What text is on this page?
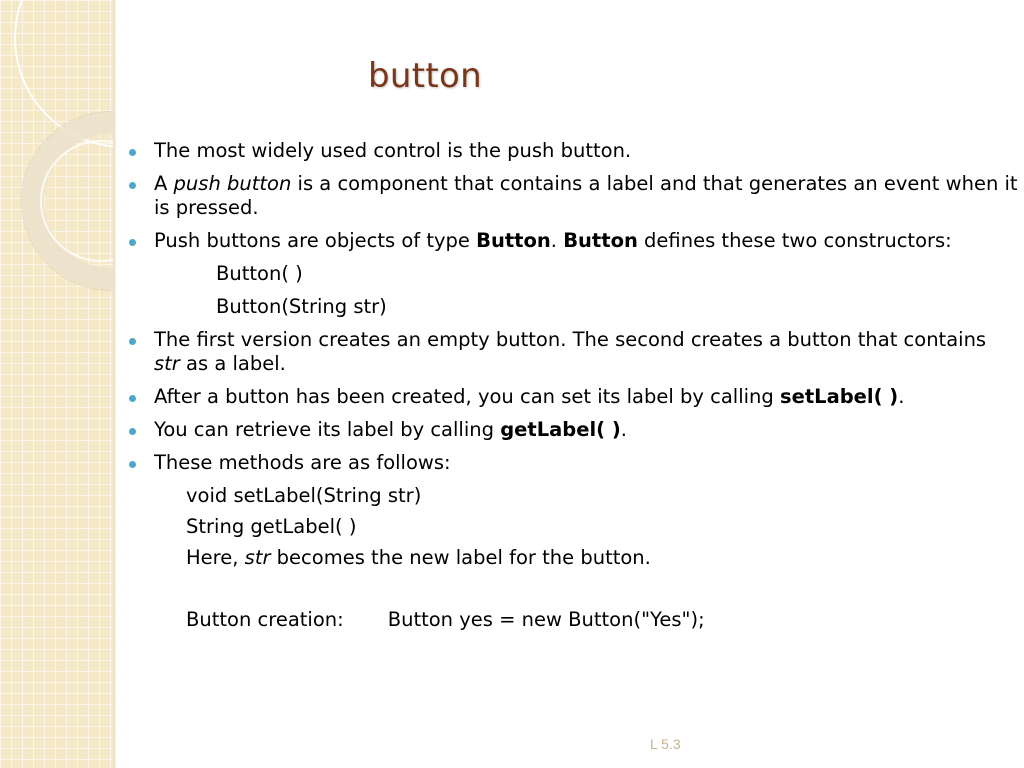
button
The most widely used control is the push button.
A push button is a component that contains a label and that generates an event when it is pressed.
Push buttons are objects of type Button. Button defines these two constructors:
Button( )
Button(String str)
The first version creates an empty button. The second creates a button that contains str as a label.
After a button has been created, you can set its label by calling setLabel( ).
You can retrieve its label by calling getLabel( ).
These methods are as follows:
void setLabel(String str)
String getLabel( )
Here, str becomes the new label for the button.
Button creation: Button yes = new Button("Yes");
L 5.3
